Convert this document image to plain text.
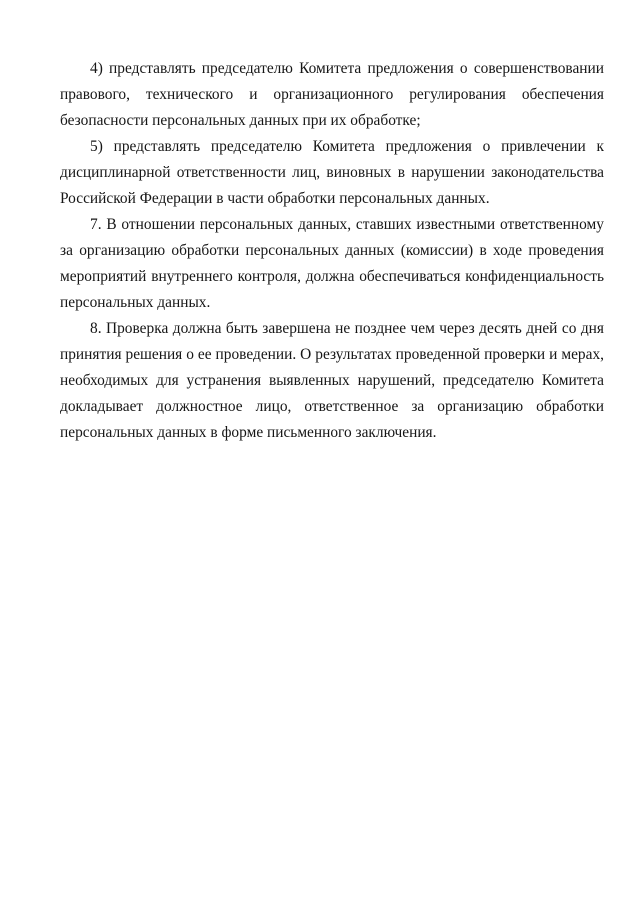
4) представлять председателю Комитета предложения о совершенствовании правового, технического и организационного регулирования обеспечения безопасности персональных данных при их обработке;

5) представлять председателю Комитета предложения о привлечении к дисциплинарной ответственности лиц, виновных в нарушении законодательства Российской Федерации в части обработки персональных данных.

7. В отношении персональных данных, ставших известными ответственному за организацию обработки персональных данных (комиссии) в ходе проведения мероприятий внутреннего контроля, должна обеспечиваться конфиденциальность персональных данных.

8. Проверка должна быть завершена не позднее чем через десять дней со дня принятия решения о ее проведении. О результатах проведенной проверки и мерах, необходимых для устранения выявленных нарушений, председателю Комитета докладывает должностное лицо, ответственное за организацию обработки персональных данных в форме письменного заключения.
